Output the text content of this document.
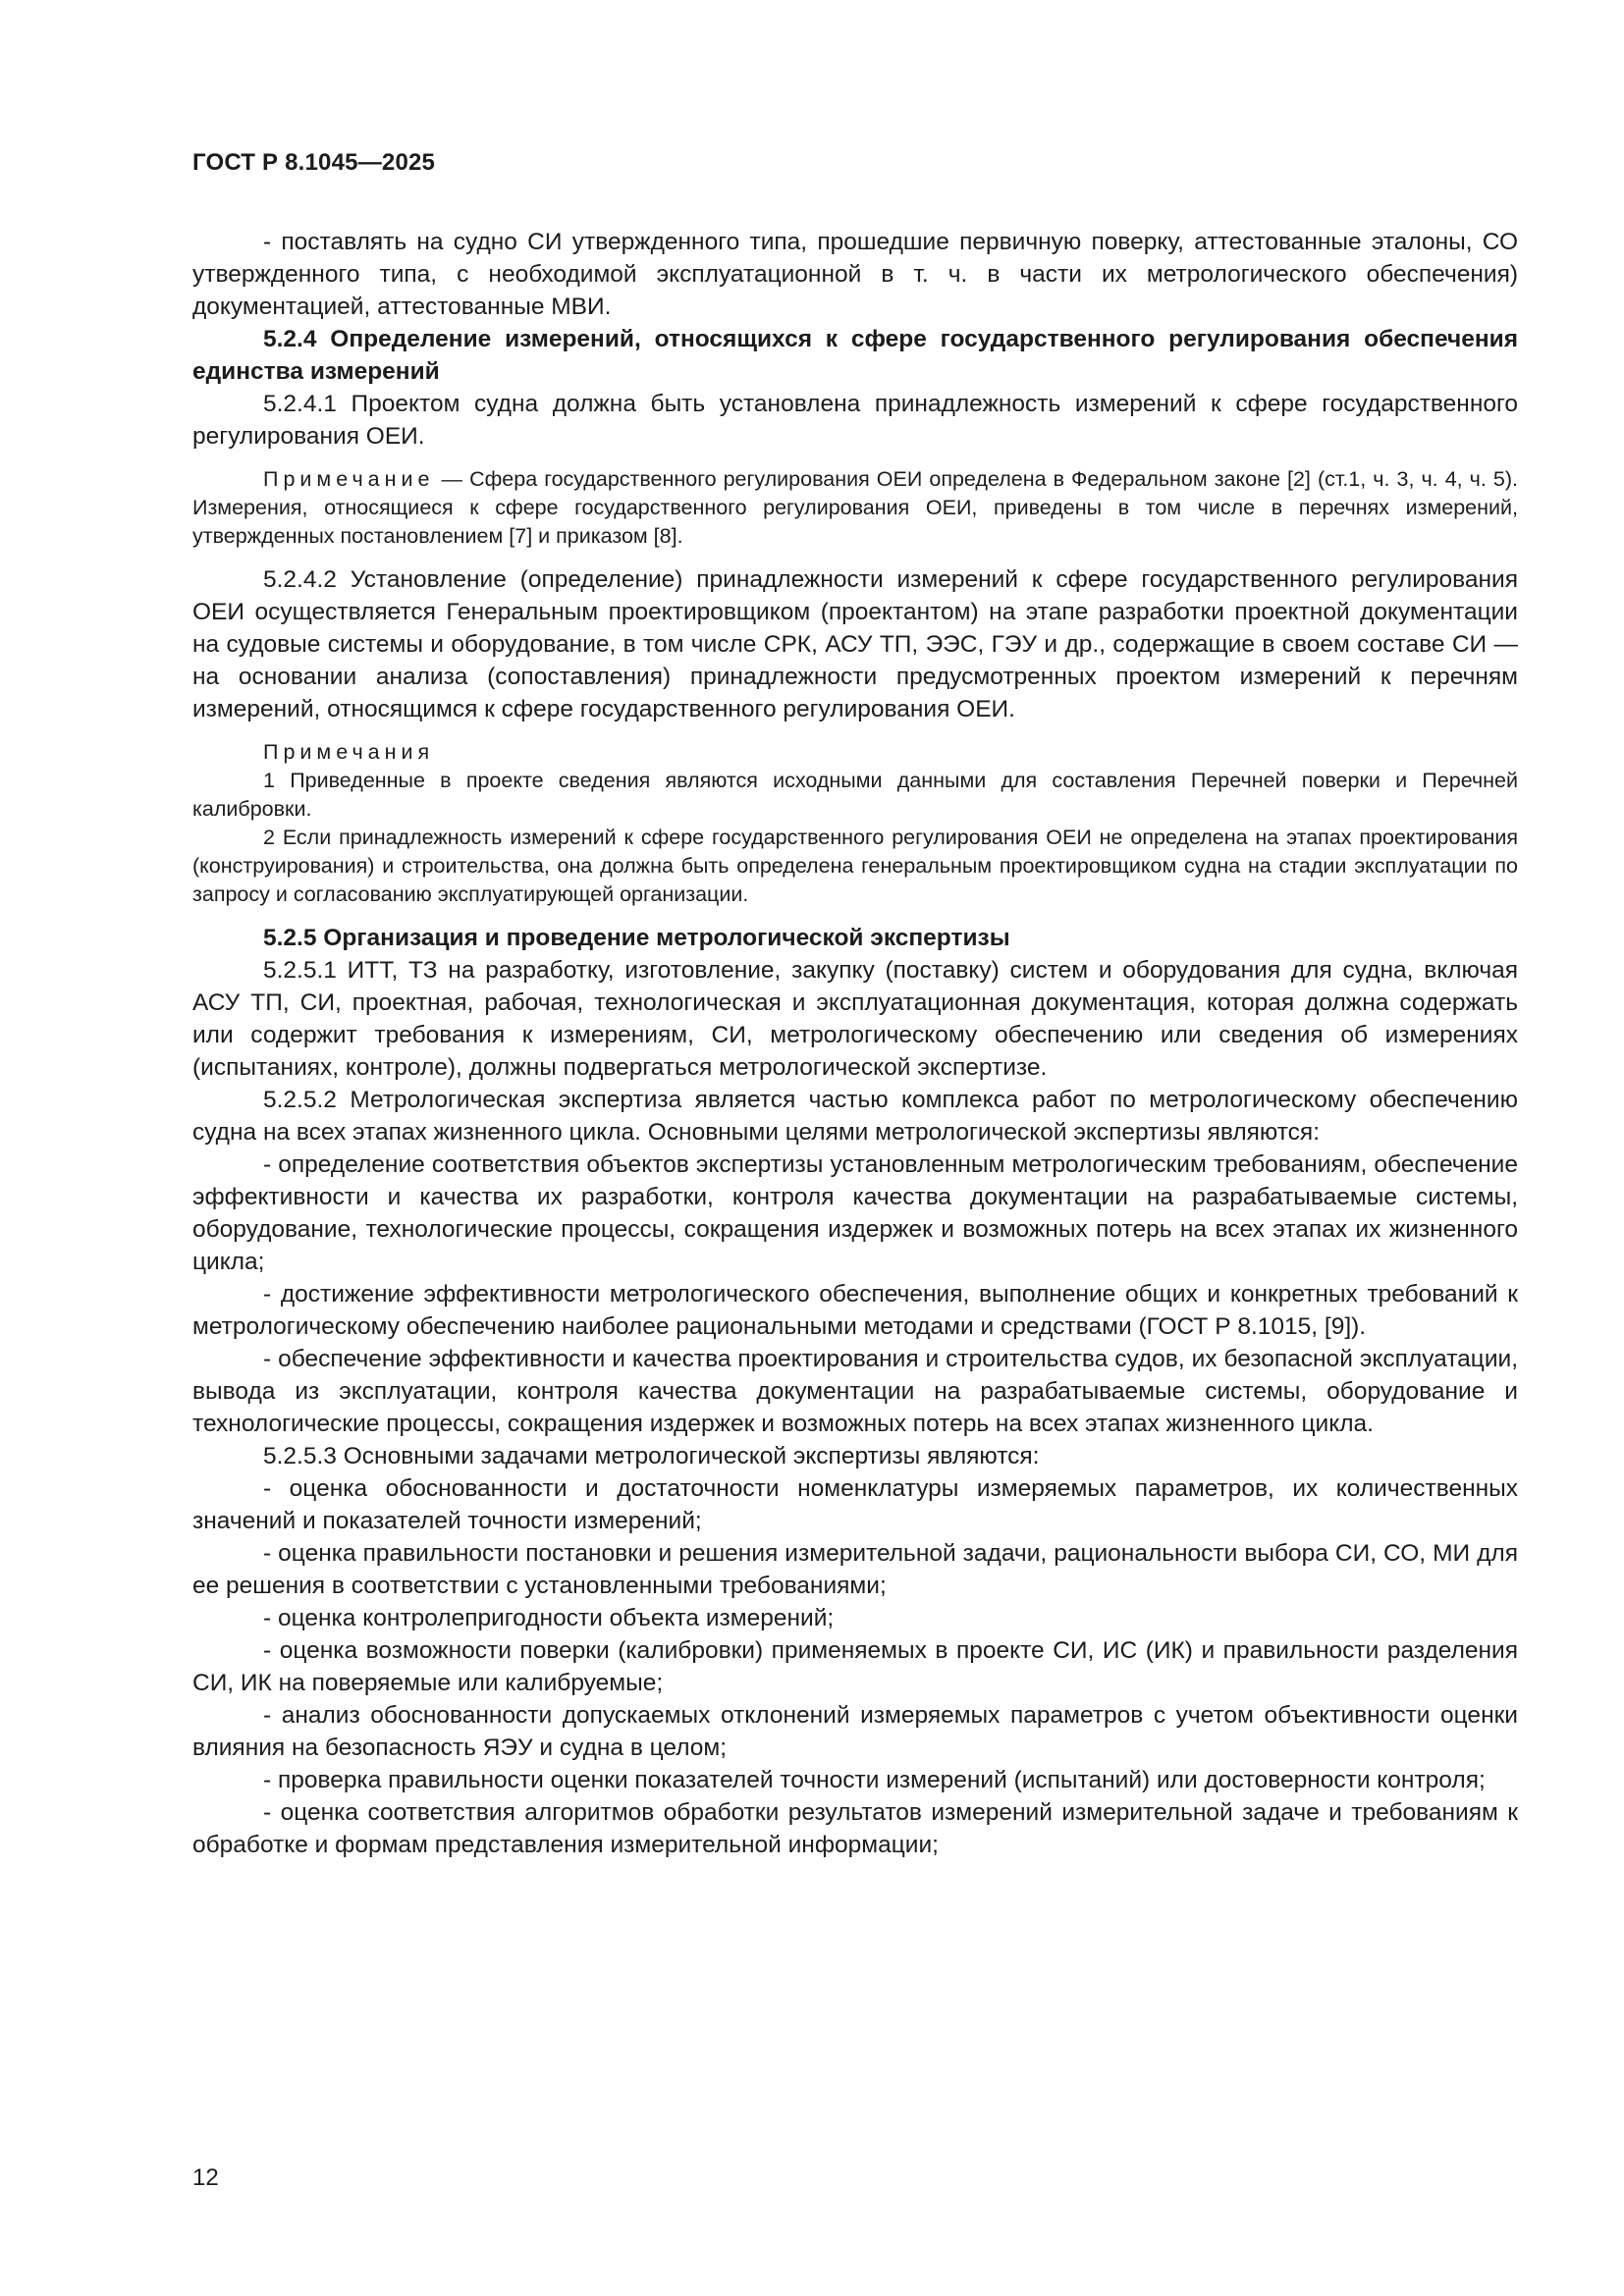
ГОСТ Р 8.1045—2025

- поставлять на судно СИ утвержденного типа, прошедшие первичную поверку, аттестованные эталоны, СО утвержденного типа, с необходимой эксплуатационной в т. ч. в части их метрологического обеспечения) документацией, аттестованные МВИ.

5.2.4 Определение измерений, относящихся к сфере государственного регулирования обеспечения единства измерений

5.2.4.1 Проектом судна должна быть установлена принадлежность измерений к сфере государственного регулирования ОЕИ.

Примечание — Сфера государственного регулирования ОЕИ определена в Федеральном законе [2] (ст.1, ч. 3, ч. 4, ч. 5). Измерения, относящиеся к сфере государственного регулирования ОЕИ, приведены в том числе в перечнях измерений, утвержденных постановлением [7] и приказом [8].

5.2.4.2 Установление (определение) принадлежности измерений к сфере государственного регулирования ОЕИ осуществляется Генеральным проектировщиком (проектантом) на этапе разработки проектной документации на судовые системы и оборудование, в том числе СРК, АСУ ТП, ЭЭС, ГЭУ и др., содержащие в своем составе СИ — на основании анализа (сопоставления) принадлежности предусмотренных проектом измерений к перечням измерений, относящимся к сфере государственного регулирования ОЕИ.

Примечания

1 Приведенные в проекте сведения являются исходными данными для составления Перечней поверки и Перечней калибровки.

2 Если принадлежность измерений к сфере государственного регулирования ОЕИ не определена на этапах проектирования (конструирования) и строительства, она должна быть определена генеральным проектировщиком судна на стадии эксплуатации по запросу и согласованию эксплуатирующей организации.

5.2.5 Организация и проведение метрологической экспертизы

5.2.5.1 ИТТ, ТЗ на разработку, изготовление, закупку (поставку) систем и оборудования для судна, включая АСУ ТП, СИ, проектная, рабочая, технологическая и эксплуатационная документация, которая должна содержать или содержит требования к измерениям, СИ, метрологическому обеспечению или сведения об измерениях (испытаниях, контроле), должны подвергаться метрологической экспертизе.

5.2.5.2 Метрологическая экспертиза является частью комплекса работ по метрологическому обеспечению судна на всех этапах жизненного цикла. Основными целями метрологической экспертизы являются:

- определение соответствия объектов экспертизы установленным метрологическим требованиям, обеспечение эффективности и качества их разработки, контроля качества документации на разрабатываемые системы, оборудование, технологические процессы, сокращения издержек и возможных потерь на всех этапах их жизненного цикла;

- достижение эффективности метрологического обеспечения, выполнение общих и конкретных требований к метрологическому обеспечению наиболее рациональными методами и средствами (ГОСТ Р 8.1015, [9]).

- обеспечение эффективности и качества проектирования и строительства судов, их безопасной эксплуатации, вывода из эксплуатации, контроля качества документации на разрабатываемые системы, оборудование и технологические процессы, сокращения издержек и возможных потерь на всех этапах жизненного цикла.

5.2.5.3 Основными задачами метрологической экспертизы являются:

- оценка обоснованности и достаточности номенклатуры измеряемых параметров, их количественных значений и показателей точности измерений;

- оценка правильности постановки и решения измерительной задачи, рациональности выбора СИ, СО, МИ для ее решения в соответствии с установленными требованиями;

- оценка контролепригодности объекта измерений;

- оценка возможности поверки (калибровки) применяемых в проекте СИ, ИС (ИК) и правильности разделения СИ, ИК на поверяемые или калибруемые;

- анализ обоснованности допускаемых отклонений измеряемых параметров с учетом объективности оценки влияния на безопасность ЯЭУ и судна в целом;

- проверка правильности оценки показателей точности измерений (испытаний) или достоверности контроля;

- оценка соответствия алгоритмов обработки результатов измерений измерительной задаче и требованиям к обработке и формам представления измерительной информации;

12
